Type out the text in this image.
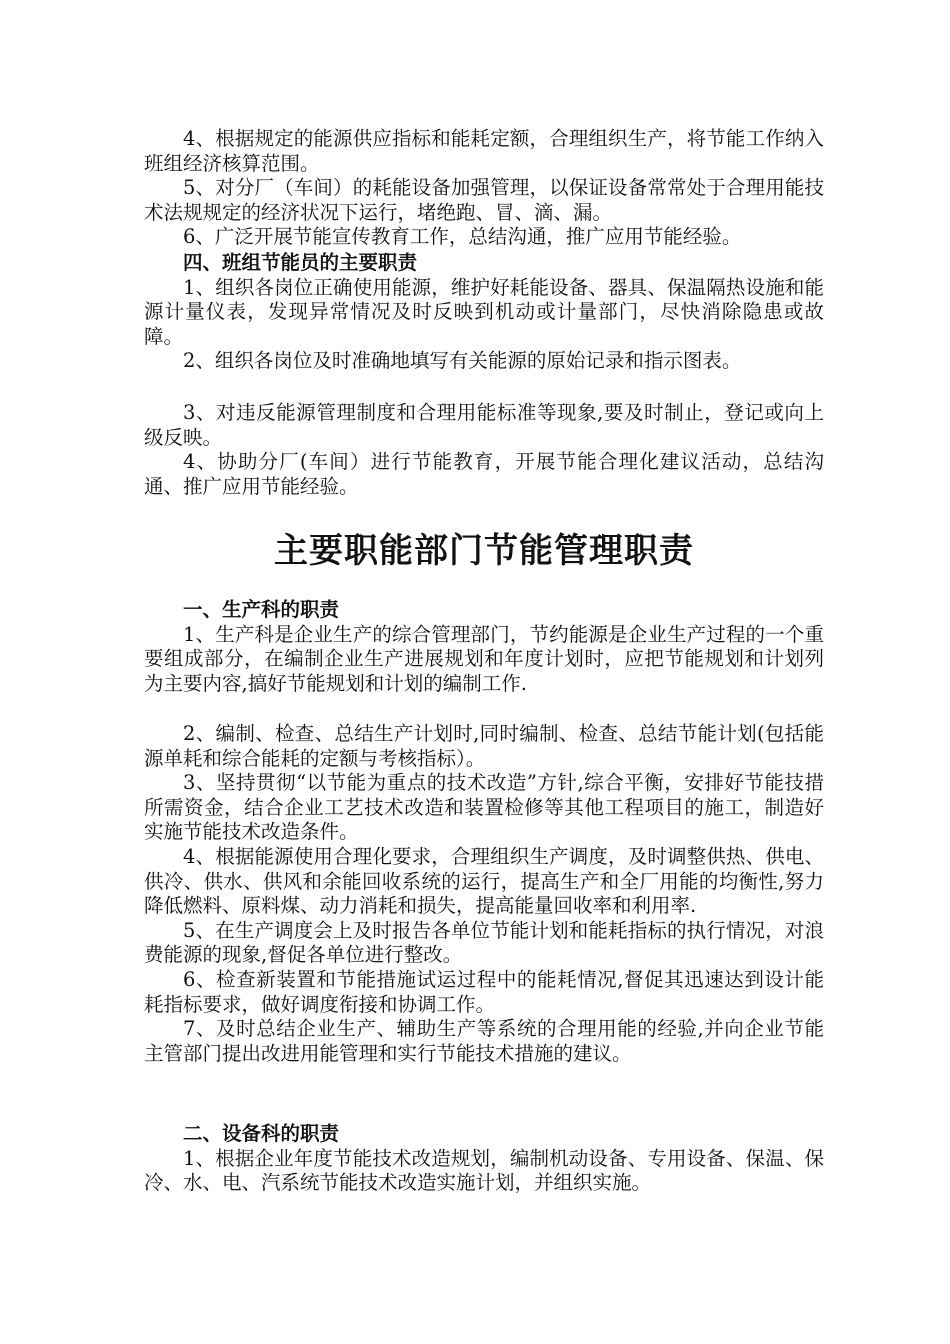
4、根据规定的能源供应指标和能耗定额，合理组织生产，将节能工作纳入班组经济核算范围。

5、对分厂（车间）的耗能设备加强管理，以保证设备常常处于合理用能技术法规规定的经济状况下运行，堵绝跑、冒、滴、漏。

6、广泛开展节能宣传教育工作，总结沟通，推广应用节能经验。

四、班组节能员的主要职责

1、组织各岗位正确使用能源，维护好耗能设备、器具、保温隔热设施和能源计量仪表，发现异常情况及时反映到机动或计量部门，尽快消除隐患或故障。

2、组织各岗位及时准确地填写有关能源的原始记录和指示图表。

3、对违反能源管理制度和合理用能标准等现象,要及时制止，登记或向上级反映。

4、协助分厂(车间）进行节能教育，开展节能合理化建议活动，总结沟通、推广应用节能经验。

主要职能部门节能管理职责

一、生产科的职责

1、生产科是企业生产的综合管理部门，节约能源是企业生产过程的一个重要组成部分，在编制企业生产进展规划和年度计划时，应把节能规划和计划列为主要内容,搞好节能规划和计划的编制工作.

2、编制、检查、总结生产计划时,同时编制、检查、总结节能计划(包括能源单耗和综合能耗的定额与考核指标）。

3、坚持贯彻“以节能为重点的技术改造”方针,综合平衡，安排好节能技措所需资金，结合企业工艺技术改造和装置检修等其他工程项目的施工，制造好实施节能技术改造条件。

4、根据能源使用合理化要求，合理组织生产调度，及时调整供热、供电、供冷、供水、供风和余能回收系统的运行，提高生产和全厂用能的均衡性,努力降低燃料、原料煤、动力消耗和损失，提高能量回收率和利用率.

5、在生产调度会上及时报告各单位节能计划和能耗指标的执行情况，对浪费能源的现象,督促各单位进行整改。

6、检查新装置和节能措施试运过程中的能耗情况,督促其迅速达到设计能耗指标要求，做好调度衔接和协调工作。

7、及时总结企业生产、辅助生产等系统的合理用能的经验,并向企业节能主管部门提出改进用能管理和实行节能技术措施的建议。

二、设备科的职责

1、根据企业年度节能技术改造规划，编制机动设备、专用设备、保温、保冷、水、电、汽系统节能技术改造实施计划，并组织实施。
